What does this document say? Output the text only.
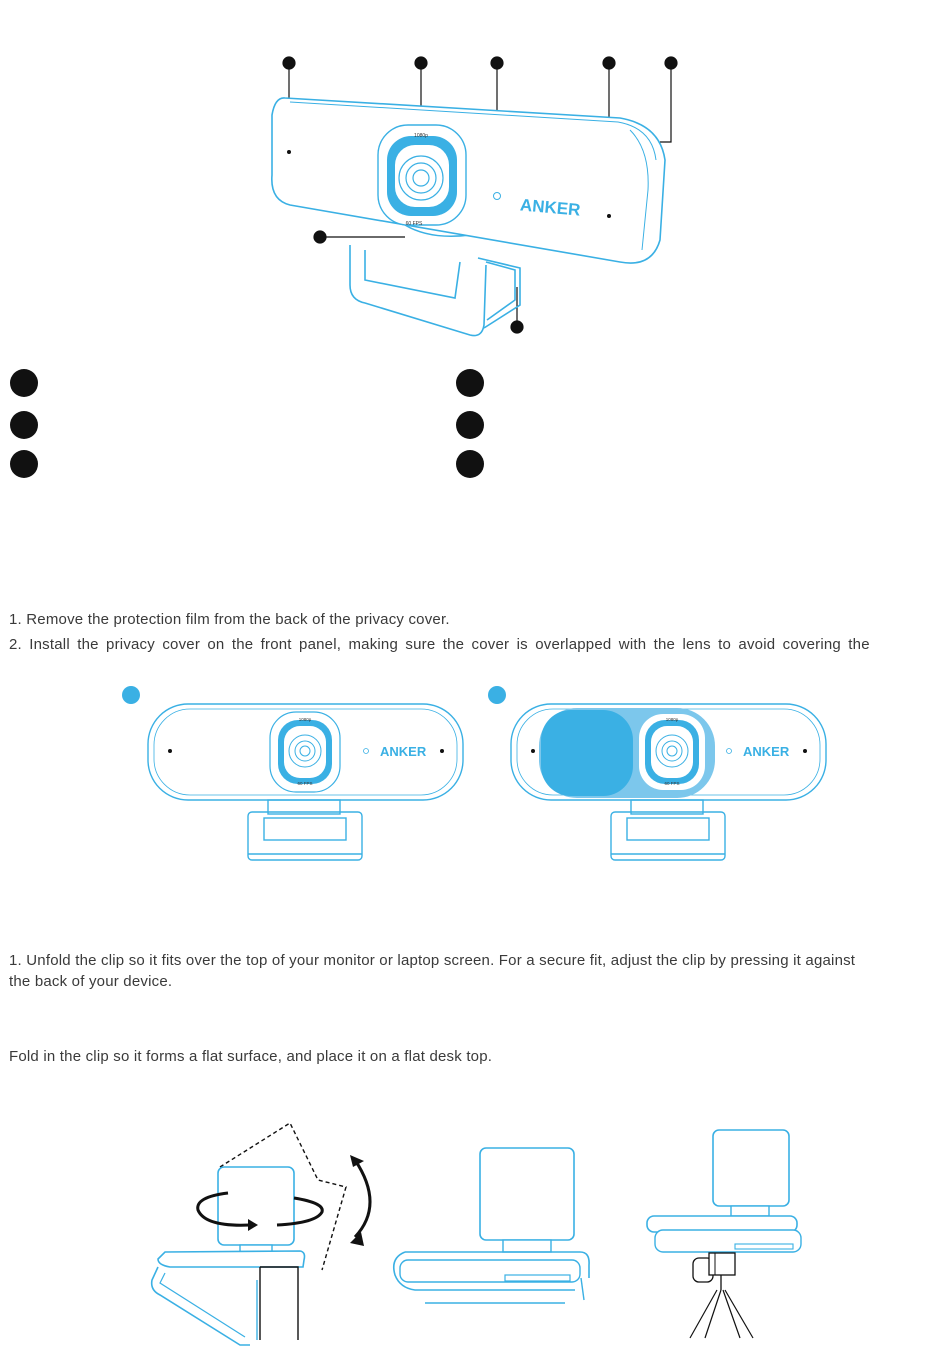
1080p
60 FPS
ANKER
1. Remove the protection film from the back of the privacy cover.
2. Install the privacy cover on the front panel, making sure the cover is overlapped with the lens to avoid covering the
1080p
60 FPS
ANKER
1080p
60 FPS
ANKER
1. Unfold the clip so it fits over the top of your monitor or laptop screen. For a secure fit, adjust the clip by pressing it against
the back of your device.
Fold in the clip so it forms a flat surface, and place it on a flat desk top.
